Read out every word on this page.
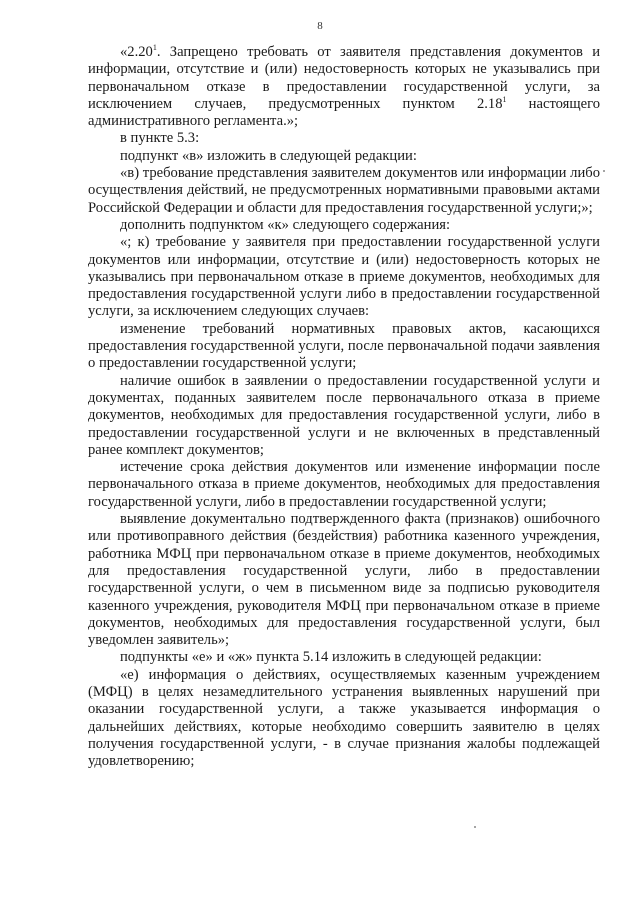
8

«2.20$^1$. Запрещено требовать от заявителя представления документов и информации, отсутствие и (или) недостоверность которых не указывались при первоначальном отказе в предоставлении государственной услуги, за исключением случаев, предусмотренных пунктом 2.18$^1$ настоящего административного регламента.»;

в пункте 5.3:

подпункт «в» изложить в следующей редакции:

«в) требование представления заявителем документов или информации либо осуществления действий, не предусмотренных нормативными правовыми актами Российской Федерации и области для предоставления государственной услуги;»;

дополнить подпунктом «к» следующего содержания:

«; к) требование у заявителя при предоставлении государственной услуги документов или информации, отсутствие и (или) недостоверность которых не указывались при первоначальном отказе в приеме документов, необходимых для предоставления государственной услуги либо в предоставлении государственной услуги, за исключением следующих случаев:

изменение требований нормативных правовых актов, касающихся предоставления государственной услуги, после первоначальной подачи заявления о предоставлении государственной услуги;

наличие ошибок в заявлении о предоставлении государственной услуги и документах, поданных заявителем после первоначального отказа в приеме документов, необходимых для предоставления государственной услуги, либо в предоставлении государственной услуги и не включенных в представленный ранее комплект документов;

истечение срока действия документов или изменение информации после первоначального отказа в приеме документов, необходимых для предоставления государственной услуги, либо в предоставлении государственной услуги;

выявление документально подтвержденного факта (признаков) ошибочного или противоправного действия (бездействия) работника казенного учреждения, работника МФЦ при первоначальном отказе в приеме документов, необходимых для предоставления государственной услуги, либо в предоставлении государственной услуги, о чем в письменном виде за подписью руководителя казенного учреждения, руководителя МФЦ при первоначальном отказе в приеме документов, необходимых для предоставления государственной услуги, был уведомлен заявитель»;

подпункты «е» и «ж» пункта 5.14 изложить в следующей редакции:

«е) информация о действиях, осуществляемых казенным учреждением (МФЦ) в целях незамедлительного устранения выявленных нарушений при оказании государственной услуги, а также указывается информация о дальнейших действиях, которые необходимо совершить заявителю в целях получения государственной услуги, - в случае признания жалобы подлежащей удовлетворению;
